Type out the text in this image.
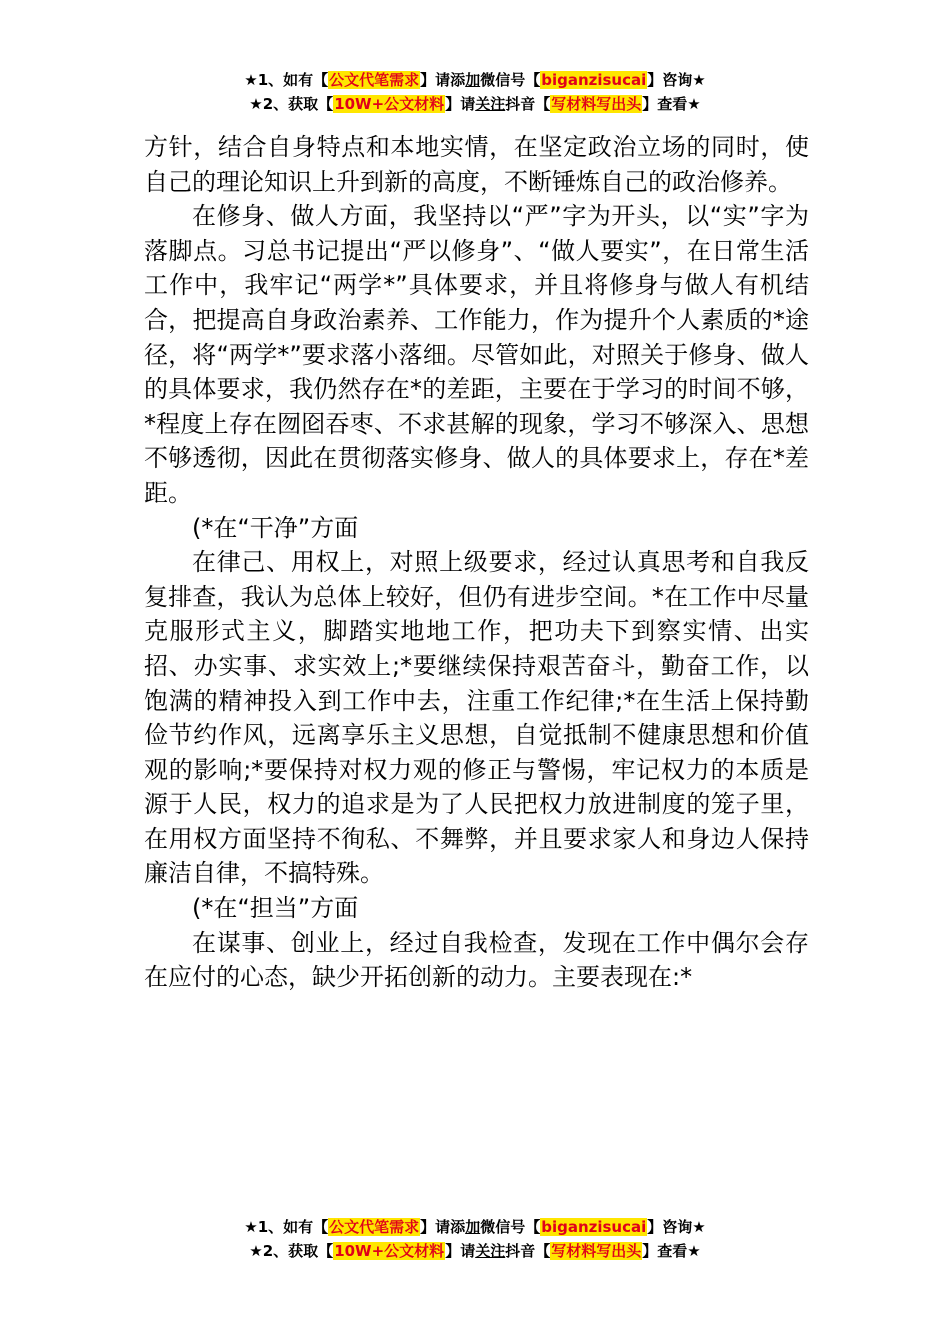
★1、如有【公文代笔需求】请添加微信号【biganzisucai】咨询★
★2、获取【10W+公文材料】请关注抖音【写材料写出头】查看★

方针，结合自身特点和本地实情，在坚定政治立场的同时，使自己的理论知识上升到新的高度，不断锤炼自己的政治修养。

在修身、做人方面，我坚持以“严”字为开头，以“实”字为落脚点。习总书记提出“严以修身”、“做人要实”，在日常生活工作中，我牢记“两学*”具体要求，并且将修身与做人有机结合，把提高自身政治素养、工作能力，作为提升个人素质的*途径，将“两学*”要求落小落细。尽管如此，对照关于修身、做人的具体要求，我仍然存在*的差距，主要在于学习的时间不够，*程度上存在囫囵吞枣、不求甚解的现象，学习不够深入、思想不够透彻，因此在贯彻落实修身、做人的具体要求上，存在*差距。

(*在“干净”方面

在律己、用权上，对照上级要求，经过认真思考和自我反复排查，我认为总体上较好，但仍有进步空间。*在工作中尽量克服形式主义，脚踏实地地工作，把功夫下到察实情、出实招、办实事、求实效上;*要继续保持艰苦奋斗，勤奋工作，以饱满的精神投入到工作中去，注重工作纪律;*在生活上保持勤俭节约作风，远离享乐主义思想，自觉抵制不健康思想和价值观的影响;*要保持对权力观的修正与警惕，牢记权力的本质是源于人民，权力的追求是为了人民把权力放进制度的笼子里，在用权方面坚持不徇私、不舞弊，并且要求家人和身边人保持廉洁自律，不搞特殊。

(*在“担当”方面

在谋事、创业上，经过自我检查，发现在工作中偶尔会存在应付的心态，缺少开拓创新的动力。主要表现在:*

★1、如有【公文代笔需求】请添加微信号【biganzisucai】咨询★
★2、获取【10W+公文材料】请关注抖音【写材料写出头】查看★
